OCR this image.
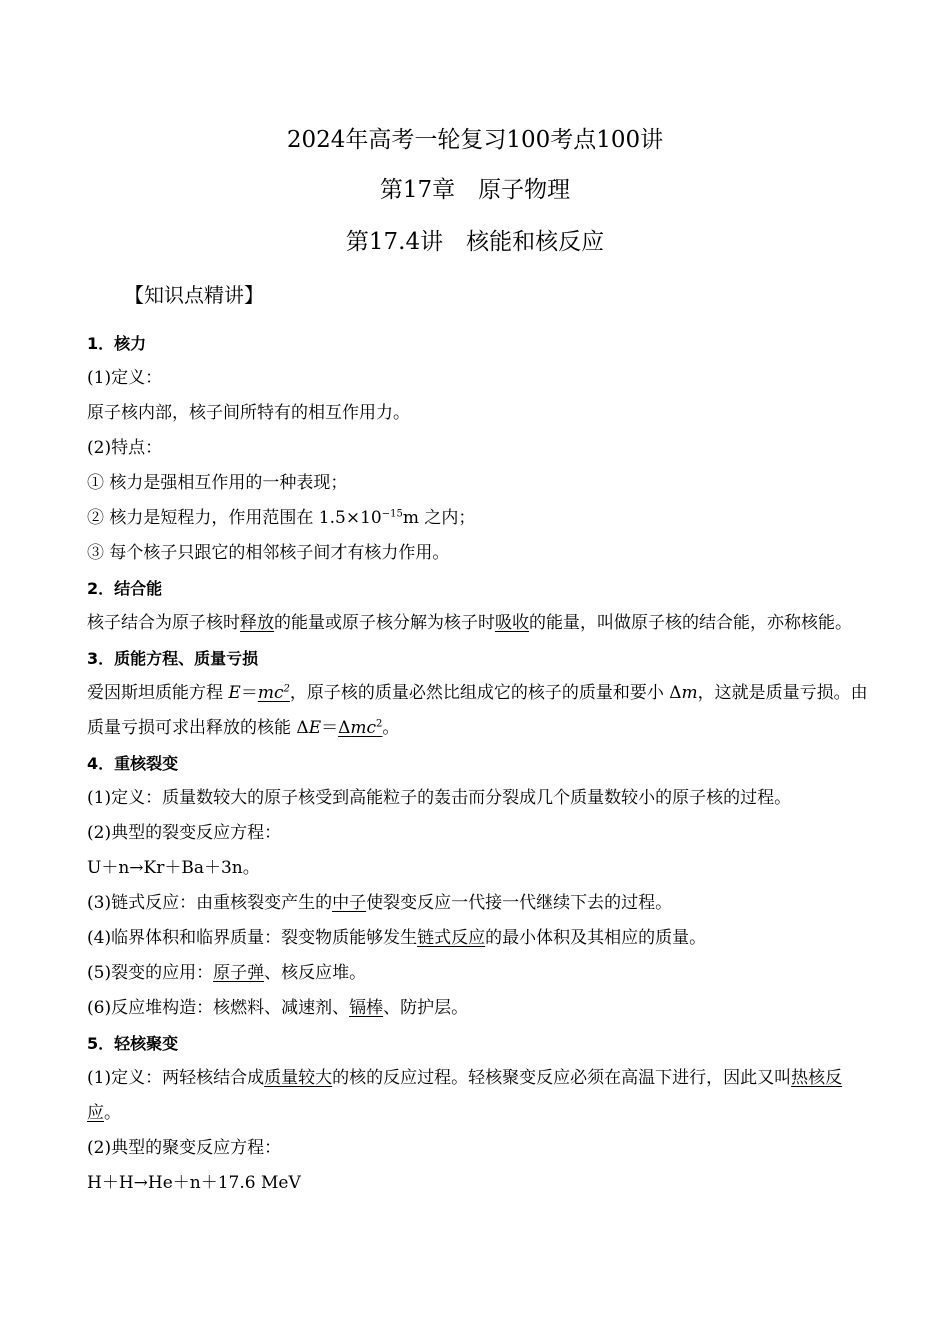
2024年高考一轮复习100考点100讲
第17章　原子物理
第17.4讲　核能和核反应
【知识点精讲】
1．核力
(1)定义：
原子核内部，核子间所特有的相互作用力。
(2)特点：
① 核力是强相互作用的一种表现；
② 核力是短程力，作用范围在 $1.5\times 10^{-15}m$ 之内；
③ 每个核子只跟它的相邻核子间才有核力作用。
2．结合能
核子结合为原子核时释放的能量或原子核分解为核子时吸收的能量，叫做原子核的结合能，亦称核能。
3．质能方程、质量亏损
爱因斯坦质能方程 $E=mc^2$，原子核的质量必然比组成它的核子的质量和要小 Δm，这就是质量亏损。由质量亏损可求出释放的核能 ΔE＝Δmc$^2$。
4．重核裂变
(1)定义：质量数较大的原子核受到高能粒子的轰击而分裂成几个质量数较小的原子核的过程。
(2)典型的裂变反应方程：
U＋n→Kr＋Ba＋3n。
(3)链式反应：由重核裂变产生的中子使裂变反应一代接一代继续下去的过程。
(4)临界体积和临界质量：裂变物质能够发生链式反应的最小体积及其相应的质量。
(5)裂变的应用：原子弹、核反应堆。
(6)反应堆构造：核燃料、减速剂、镉棒、防护层。
5．轻核聚变
(1)定义：两轻核结合成质量较大的核的反应过程。轻核聚变反应必须在高温下进行，因此又叫热核反应。
(2)典型的聚变反应方程：
H＋H→He＋n＋17.6 MeV
